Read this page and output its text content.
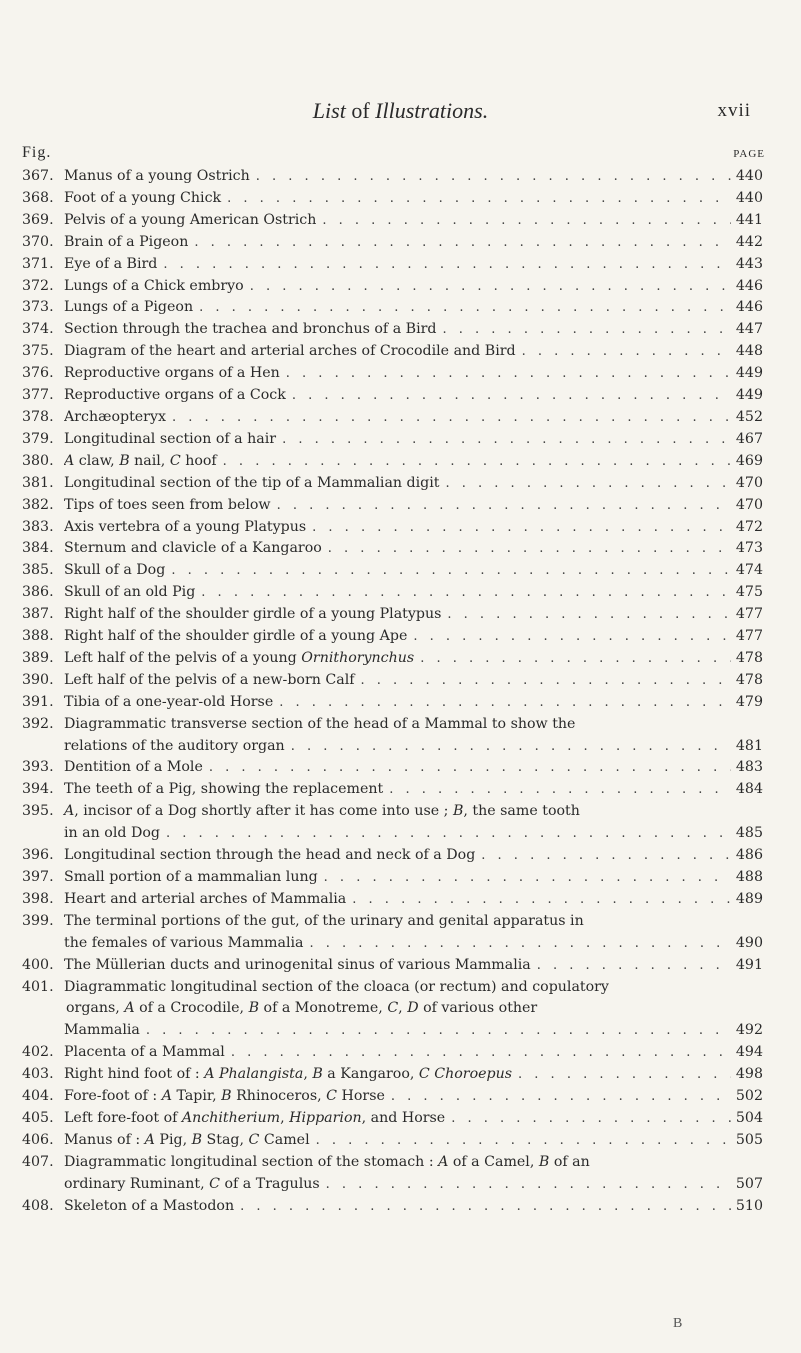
List of Illustrations.	xvii
Fig.	PAGE
367. Manus of a young Ostrich . . .	440
368. Foot of a young Chick . . .	440
369. Pelvis of a young American Ostrich . . .	441
370. Brain of a Pigeon . . .	442
371. Eye of a Bird . . .	443
372. Lungs of a Chick embryo . . .	446
373. Lungs of a Pigeon . . .	446
374. Section through the trachea and bronchus of a Bird . . .	447
375. Diagram of the heart and arterial arches of Crocodile and Bird . . .	448
376. Reproductive organs of a Hen . . .	449
377. Reproductive organs of a Cock . . .	449
378. Archæopteryx . . .	452
379. Longitudinal section of a hair . . .	467
380. A claw, B nail, C hoof . . .	469
381. Longitudinal section of the tip of a Mammalian digit . . .	470
382. Tips of toes seen from below . . .	470
383. Axis vertebra of a young Platypus . . .	472
384. Sternum and clavicle of a Kangaroo . . .	473
385. Skull of a Dog . . .	474
386. Skull of an old Pig . . .	475
387. Right half of the shoulder girdle of a young Platypus . . .	477
388. Right half of the shoulder girdle of a young Ape . . .	477
389. Left half of the pelvis of a young Ornithorynchus . . .	478
390. Left half of the pelvis of a new-born Calf . . .	478
391. Tibia of a one-year-old Horse . . .	479
392. Diagrammatic transverse section of the head of a Mammal to show the
relations of the auditory organ . . .	481
393. Dentition of a Mole . . .	483
394. The teeth of a Pig, showing the replacement . . .	484
395. A, incisor of a Dog shortly after it has come into use ; B, the same tooth
in an old Dog . . .	485
396. Longitudinal section through the head and neck of a Dog . . .	486
397. Small portion of a mammalian lung . . .	488
398. Heart and arterial arches of Mammalia . . .	489
399. The terminal portions of the gut, of the urinary and genital apparatus in
the females of various Mammalia . . .	490
400. The Müllerian ducts and urinogenital sinus of various Mammalia . . .	491
401. Diagrammatic longitudinal section of the cloaca (or rectum) and copulatory
organs, A of a Crocodile, B of a Monotreme, C, D of various other
Mammalia . . .	492
402. Placenta of a Mammal . . .	494
403. Right hind foot of : A Phalangista, B a Kangaroo, C Choroepus . . .	498
404. Fore-foot of : A Tapir, B Rhinoceros, C Horse . . .	502
405. Left fore-foot of Anchitherium, Hipparion, and Horse . . .	504
406. Manus of : A Pig, B Stag, C Camel . . .	505
407. Diagrammatic longitudinal section of the stomach : A of a Camel, B of an
ordinary Ruminant, C of a Tragulus . . .	507
408. Skeleton of a Mastodon . . .	510
B
